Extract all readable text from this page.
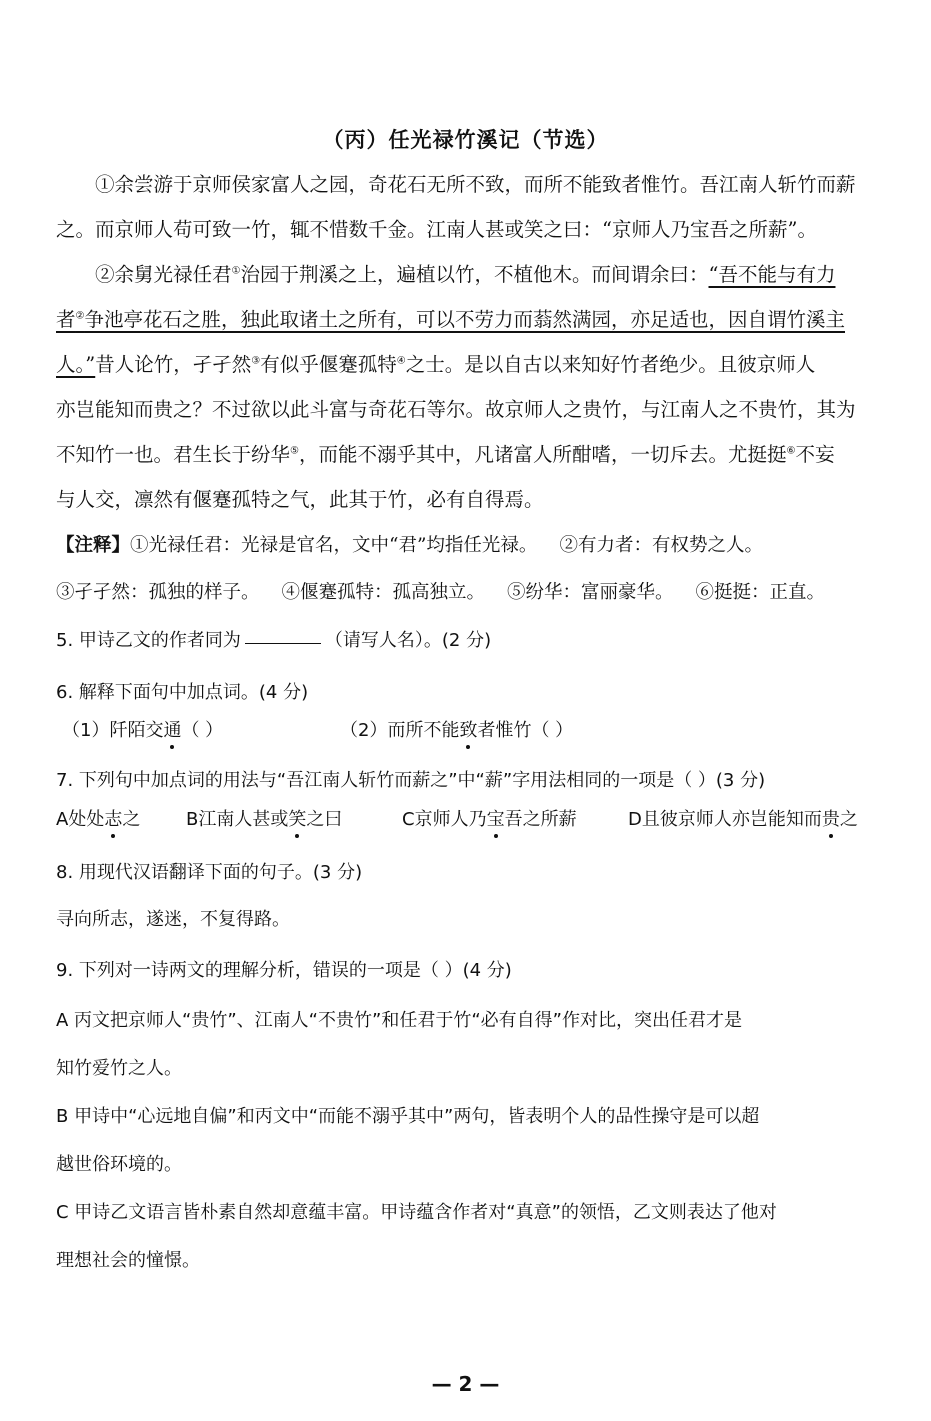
（丙）任光禄竹溪记（节选）
①余尝游于京师侯家富人之园，奇花石无所不致，而所不能致者惟竹。吾江南人斩竹而薪
之。而京师人苟可致一竹，辄不惜数千金。江南人甚或笑之曰：“京师人乃宝吾之所薪”。
②余舅光禄任君①治园于荆溪之上，遍植以竹，不植他木。而间谓余曰：“吾不能与有力
者②争池亭花石之胜，独此取诸土之所有，可以不劳力而蓊然满园，亦足适也，因自谓竹溪主
人。”昔人论竹，孑孑然③有似乎偃蹇孤特④之士。是以自古以来知好竹者绝少。且彼京师人
亦岂能知而贵之？不过欲以此斗富与奇花石等尔。故京师人之贵竹，与江南人之不贵竹，其为
不知竹一也。君生长于纷华⑤，而能不溺乎其中，凡诸富人所酣嗜，一切斥去。尤挺挺⑥不妄
与人交，凛然有偃蹇孤特之气，此其于竹，必有自得焉。
【注释】①光禄任君：光禄是官名，文中“君”均指任光禄。 ②有力者：有权势之人。
③孑孑然：孤独的样子。 ④偃蹇孤特：孤高独立。 ⑤纷华：富丽豪华。 ⑥挺挺：正直。
5. 甲诗乙文的作者同为	（请写人名）。(2 分)
6. 解释下面句中加点词。(4 分)
（1）阡陌交通（ ）	（2）而所不能致者惟竹（ ）
7. 下列句中加点词的用法与“吾江南人斩竹而薪之”中“薪”字用法相同的一项是（ ）(3 分)
A处处志之	B江南人甚或笑之曰	C京师人乃宝吾之所薪	D且彼京师人亦岂能知而贵之
8. 用现代汉语翻译下面的句子。(3 分)
寻向所志，遂迷，不复得路。
9. 下列对一诗两文的理解分析，错误的一项是（ ）(4 分)
A 丙文把京师人“贵竹”、江南人“不贵竹”和任君于竹“必有自得”作对比，突出任君才是
知竹爱竹之人。
B 甲诗中“心远地自偏”和丙文中“而能不溺乎其中”两句，皆表明个人的品性操守是可以超
越世俗环境的。
C 甲诗乙文语言皆朴素自然却意蕴丰富。甲诗蕴含作者对“真意”的领悟，乙文则表达了他对
理想社会的憧憬。
— 2 —
